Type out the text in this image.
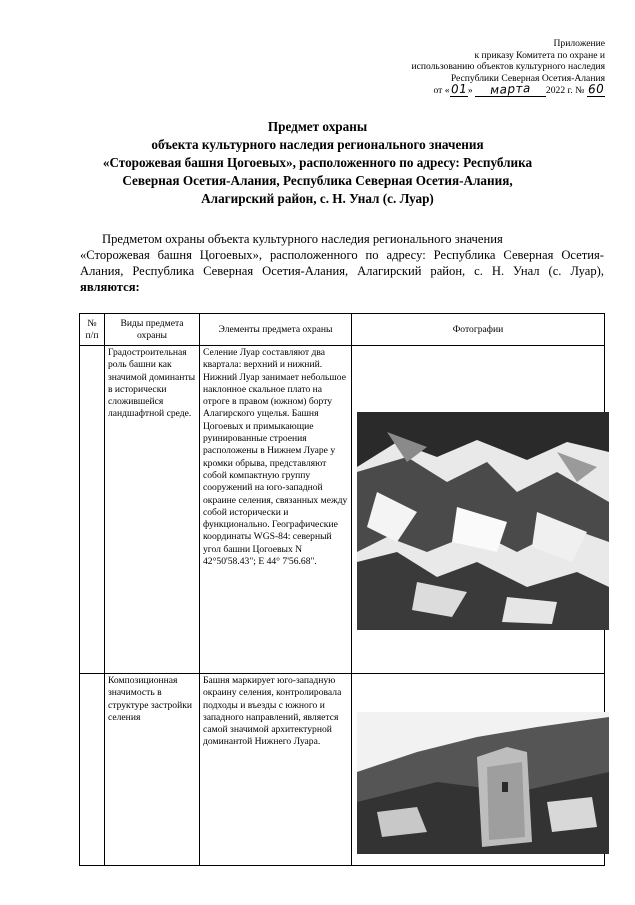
Приложение
к приказу Комитета по охране и
использованию объектов культурного наследия
Республики Северная Осетия-Алания
от «01» марта 2022 г. № 60
Предмет охраны
объекта культурного наследия регионального значения
«Сторожевая башня Цогоевых», расположенного по адресу: Республика
Северная Осетия-Алания, Республика Северная Осетия-Алания,
Алагирский район, с. Н. Унал (с. Луар)
Предметом охраны объекта культурного наследия регионального значения
«Сторожевая башня Цогоевых», расположенного по адресу: Республика Северная Осетия-Алания, Республика Северная Осетия-Алания, Алагирский район, с. Н. Унал (с. Луар), являются:
№ п/п	Виды предмета охраны	Элементы предмета охраны	Фотографии
	Градостроительная роль башни как значимой доминанты в исторически сложившейся ландшафтной среде.	Селение Луар составляют два квартала: верхний и нижний. Нижний Луар занимает небольшое наклонное скальное плато на отроге в правом (южном) борту Алагирского ущелья. Башня Цогоевых и примыкающие руинированные строения расположены в Нижнем Луаре у кромки обрыва, представляют собой компактную группу сооружений на юго-западной окраине селения, связанных между собой исторически и функционально. Географические координаты WGS-84: северный угол башни Цогоевых N 42°50'58.43"; E 44° 7'56.68".	

	Композиционная значимость в структуре застройки селения	Башня маркирует юго-западную окраину селения, контролировала подходы и въезды с южного и западного направлений, является самой значимой архитектурной доминантой Нижнего Луара.	
